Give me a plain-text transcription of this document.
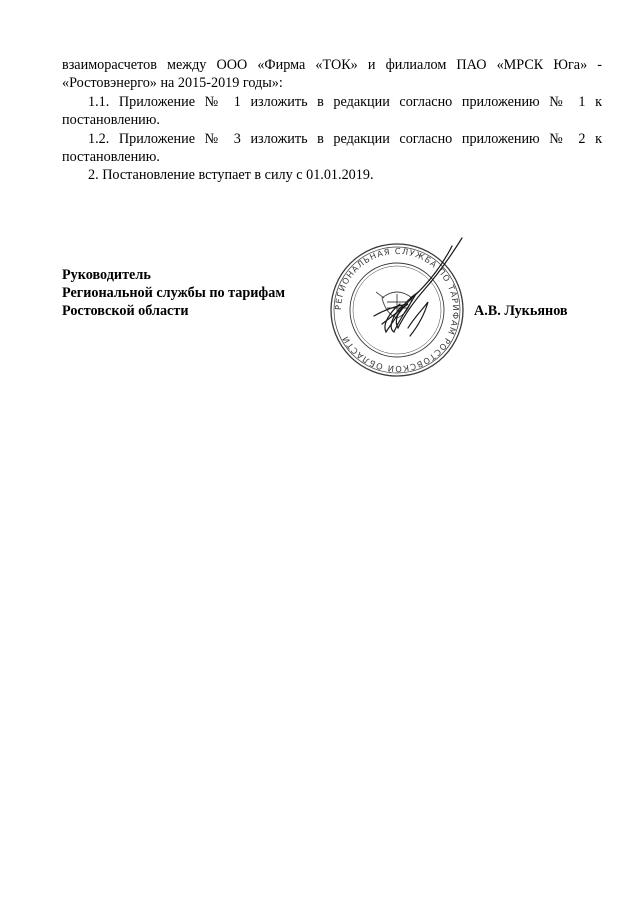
взаиморасчетов между ООО «Фирма «ТОК» и филиалом ПАО «МРСК Юга» - «Ростовэнерго» на 2015-2019 годы»:

1.1. Приложение № 1 изложить в редакции согласно приложению № 1 к постановлению.

1.2. Приложение № 3 изложить в редакции согласно приложению № 2 к постановлению.

2. Постановление вступает в силу с 01.01.2019.

Руководитель
Региональной службы по тарифам
Ростовской области	А.В. Лукьянов
РЕГИОНАЛЬНАЯ СЛУЖБА ПО ТАРИФАМ РОСТОВСКОЙ ОБЛАСТИ
